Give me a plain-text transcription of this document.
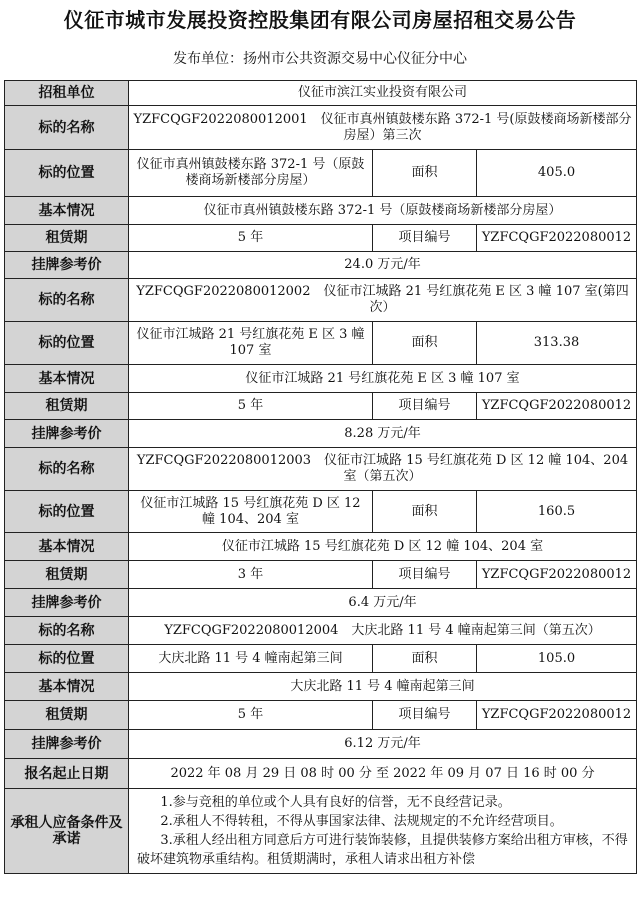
仪征市城市发展投资控股集团有限公司房屋招租交易公告
发布单位：扬州市公共资源交易中心仪征分中心
招租单位	仪征市滨江实业投资有限公司		
标的名称	YZFCQGF2022080012001　仪征市真州镇鼓楼东路 372-1 号(原鼓楼商场新楼部分房屋）第三次		
标的位置	仪征市真州镇鼓楼东路 372-1 号（原鼓楼商场新楼部分房屋）	面积	405.0
基本情况	仪征市真州镇鼓楼东路 372-1 号（原鼓楼商场新楼部分房屋）		
租赁期	5 年	项目编号	YZFCQGF2022080012
挂牌参考价	24.0 万元/年		
标的名称	YZFCQGF2022080012002　仪征市江城路 21 号红旗花苑 E 区 3 幢 107 室(第四次）		
标的位置	仪征市江城路 21 号红旗花苑 E 区 3 幢 107 室	面积	313.38
基本情况	仪征市江城路 21 号红旗花苑 E 区 3 幢 107 室		
租赁期	5 年	项目编号	YZFCQGF2022080012
挂牌参考价	8.28 万元/年		
标的名称	YZFCQGF2022080012003　仪征市江城路 15 号红旗花苑 D 区 12 幢 104、204 室（第五次）		
标的位置	仪征市江城路 15 号红旗花苑 D 区 12 幢 104、204 室	面积	160.5
基本情况	仪征市江城路 15 号红旗花苑 D 区 12 幢 104、204 室		
租赁期	3 年	项目编号	YZFCQGF2022080012
挂牌参考价	6.4 万元/年		
标的名称	YZFCQGF2022080012004　大庆北路 11 号 4 幢南起第三间（第五次）		
标的位置	大庆北路 11 号 4 幢南起第三间	面积	105.0
基本情况	大庆北路 11 号 4 幢南起第三间		
租赁期	5 年	项目编号	YZFCQGF2022080012
挂牌参考价	6.12 万元/年		
报名起止日期	2022 年 08 月 29 日 08 时 00 分 至 2022 年 09 月 07 日 16 时 00 分		
承租人应备条件及承诺	1.参与竞租的单位或个人具有良好的信誉，无不良经营记录。

2.承租人不得转租，不得从事国家法律、法规规定的不允许经营项目。

3.承租人经出租方同意后方可进行装饰装修，且提供装修方案给出租方审核，不得破坏建筑物承重结构。租赁期满时，承租人请求出租方补偿		
